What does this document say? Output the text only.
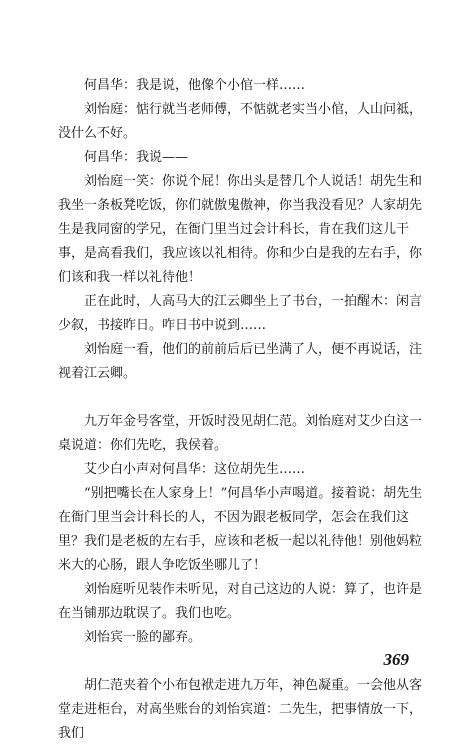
何昌华：我是说，他像个小倌一样……

刘怡庭：惦行就当老师傅，不惦就老实当小倌，人山问祗，没什么不好。

何昌华：我说——

刘怡庭一笑：你说个屁！你出头是替几个人说话！胡先生和我坐一条板凳吃饭，你们就傲鬼傲神，你当我没看见？人家胡先生是我同窗的学兄，在衙门里当过会计科长，肯在我们这儿干事，是高看我们，我应该以礼相待。你和少白是我的左右手，你们该和我一样以礼待他！

正在此时，人高马大的江云卿坐上了书台，一拍醒木：闲言少叙，书接昨日。咋日书中说到……

刘怡庭一看，他们的前前后后已坐满了人，便不再说话，注视着江云卿。

九万年金号客堂，开饭时没见胡仁范。刘怡庭对艾少白这一桌说道：你们先吃，我侯着。

艾少白小声对何昌华：这位胡先生……

“别把嘴长在人家身上！”何昌华小声喝道。接着说：胡先生在衙门里当会计科长的人，不因为跟老板同学，怎会在我们这里？我们是老板的左右手，应该和老板一起以礼待他！别他妈粒米大的心肠，跟人争吃饭坐哪儿了！

刘怡庭听见装作未听见，对自己这边的人说：算了，也许是在当铺那边耽误了。我们也吃。

刘怡宾一脸的鄙弃。

胡仁范夹着个小布包袱走进九万年，神色凝重。一会他从客堂走进柜台，对高坐账台的刘怡宾道：二先生，把事情放一下，我们

369
